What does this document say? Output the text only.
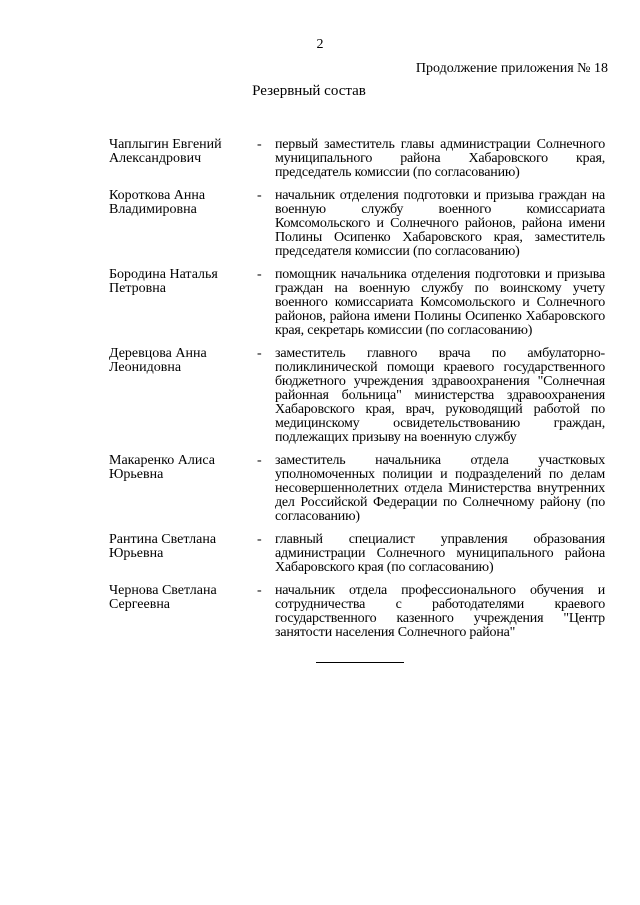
2
Продолжение приложения № 18
Резервный состав
Чаплыгин Евгений
Александрович
- первый заместитель главы администрации Солнечного муниципального района Хабаровского края, председатель комиссии (по согласованию)
Короткова Анна
Владимировна
- начальник отделения подготовки и призыва граждан на военную службу военного комиссариата Комсомольского и Солнечного районов, района имени Полины Осипенко Хабаровского края, заместитель председателя комиссии (по согласованию)
Бородина Наталья
Петровна
- помощник начальника отделения подготовки и призыва граждан на военную службу по воинскому учету военного комиссариата Комсомольского и Солнечного районов, района имени Полины Осипенко Хабаровского края, секретарь комиссии (по согласованию)
Деревцова Анна
Леонидовна
- заместитель главного врача по амбулаторно-поликлинической помощи краевого государственного бюджетного учреждения здравоохранения "Солнечная районная больница" министерства здравоохранения Хабаровского края, врач, руководящий работой по медицинскому освидетельствованию граждан, подлежащих призыву на военную службу
Макаренко Алиса
Юрьевна
- заместитель начальника отдела участковых уполномоченных полиции и подразделений по делам несовершеннолетних отдела Министерства внутренних дел Российской Федерации по Солнечному району (по согласованию)
Рантина Светлана
Юрьевна
- главный специалист управления образования администрации Солнечного муниципального района Хабаровского края (по согласованию)
Чернова Светлана
Сергеевна
- начальник отдела профессионального обучения и сотрудничества с работодателями краевого государственного казенного учреждения "Центр занятости населения Солнечного района"
